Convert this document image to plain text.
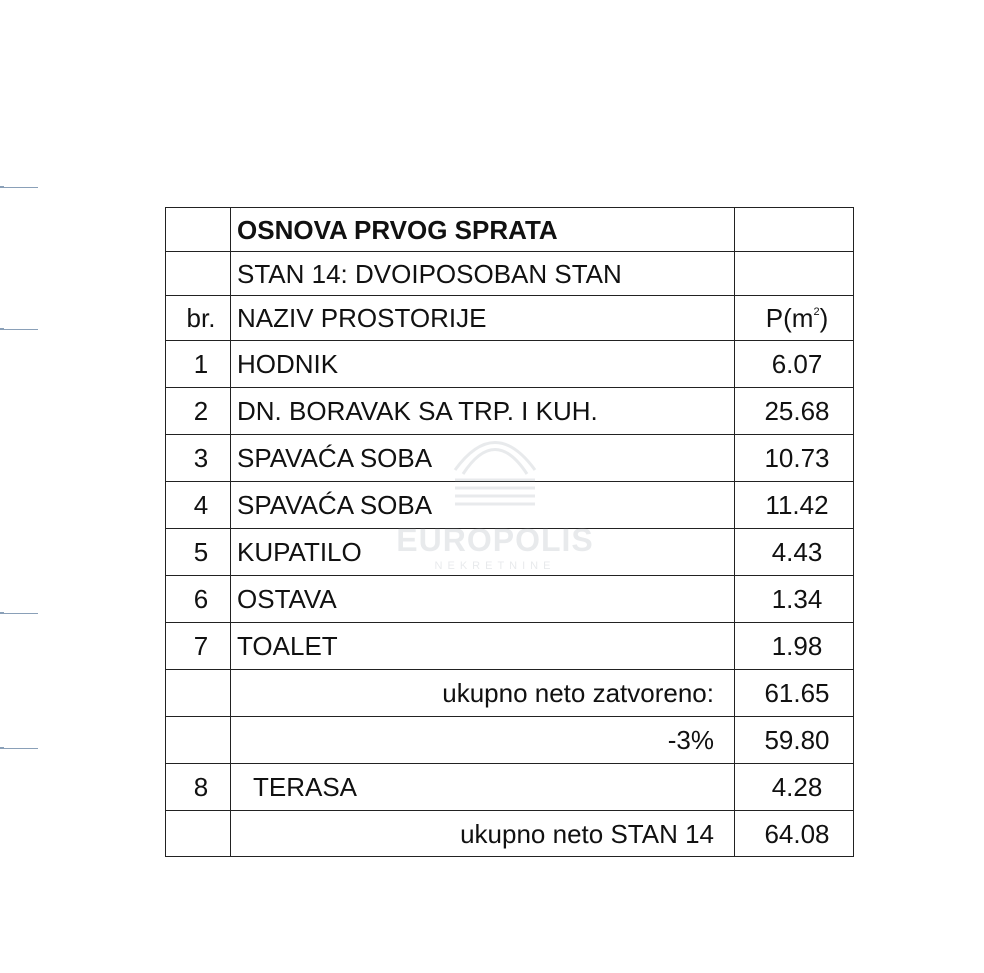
	OSNOVA PRVOG SPRATA	
	STAN 14: DVOIPOSOBAN STAN	
br.	NAZIV PROSTORIJE	$P(m^2)$
1	HODNIK	6.07
2	DN. BORAVAK SA TRP. I KUH.	25.68
3	SPAVAĆA SOBA	10.73
4	SPAVAĆA SOBA	11.42
5	KUPATILO	4.43
6	OSTAVA	1.34
7	TOALET	1.98
	ukupno neto zatvoreno:	61.65
	-3%	59.80
8	TERASA	4.28
	ukupno neto STAN 14	64.08
EUROPOLIS
NEKRETNINE
